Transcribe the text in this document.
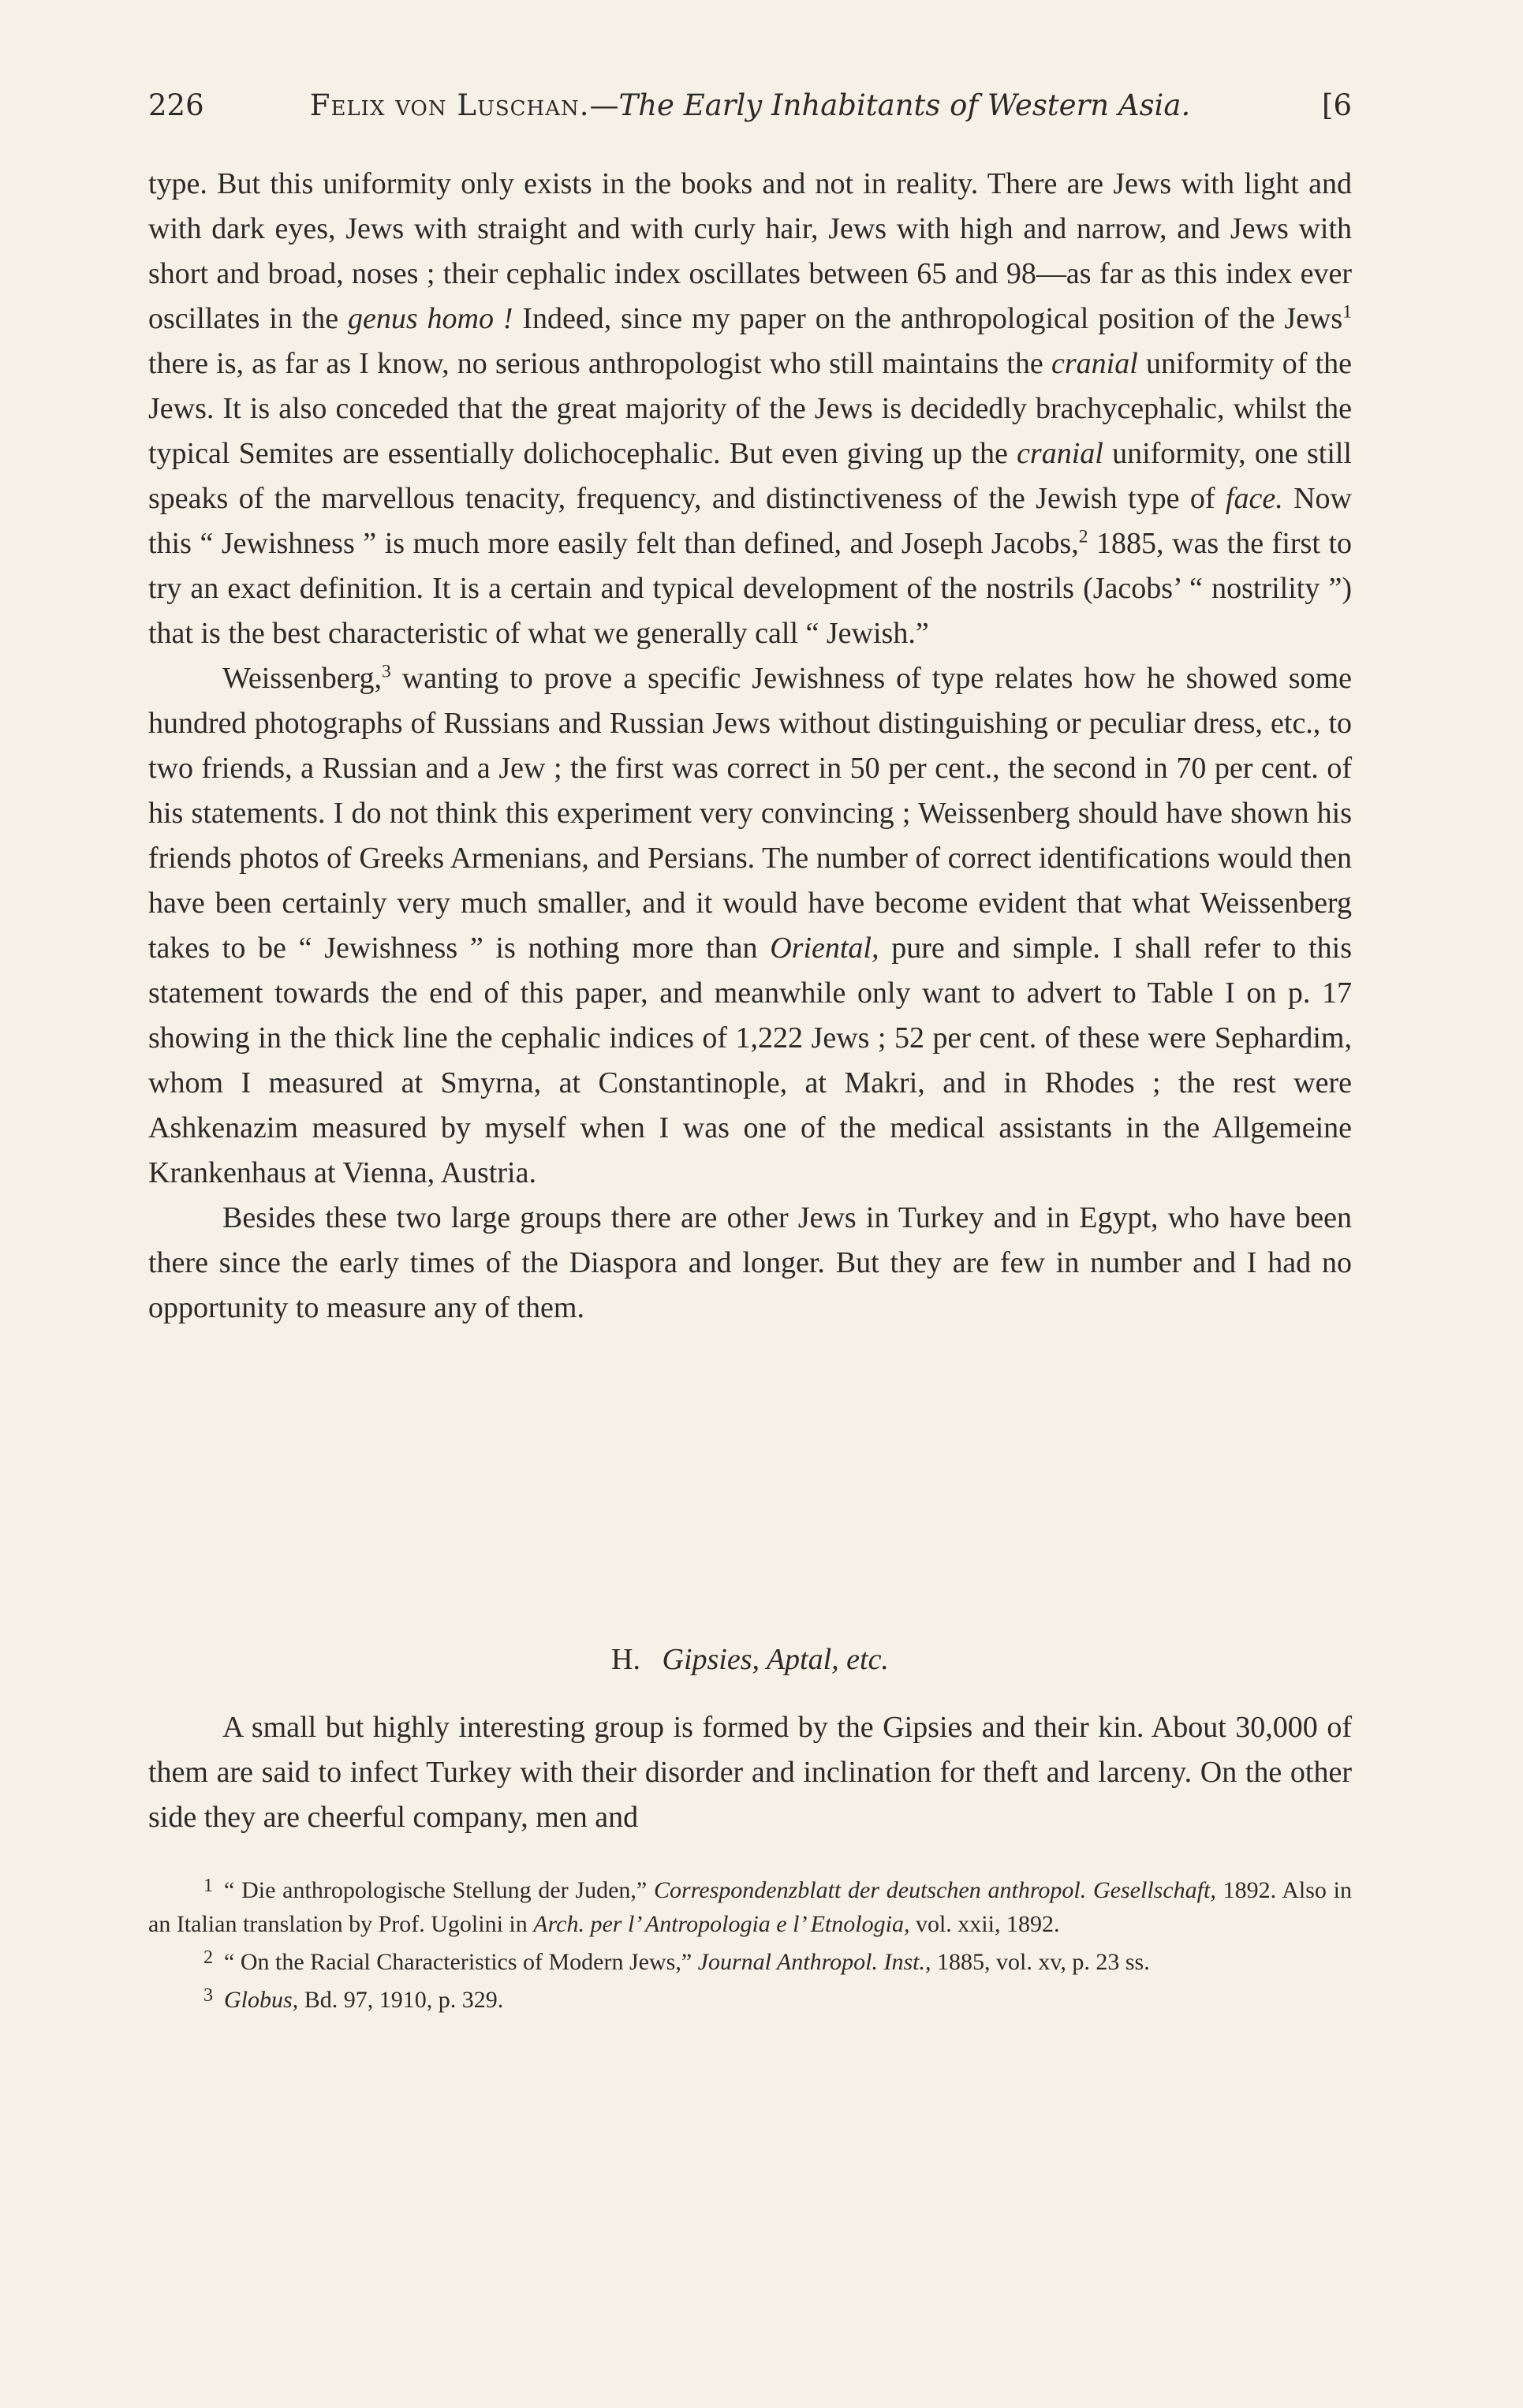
226	Felix von Luschan.—The Early Inhabitants of Western Asia.	[6

type. But this uniformity only exists in the books and not in reality. There are Jews with light and with dark eyes, Jews with straight and with curly hair, Jews with high and narrow, and Jews with short and broad, noses ; their cephalic index oscillates between 65 and 98—as far as this index ever oscillates in the genus homo ! Indeed, since my paper on the anthropological position of the Jews$^1$ there is, as far as I know, no serious anthropologist who still maintains the cranial uniformity of the Jews. It is also conceded that the great majority of the Jews is decidedly brachycephalic, whilst the typical Semites are essentially dolichocephalic. But even giving up the cranial uniformity, one still speaks of the marvellous tenacity, frequency, and distinctiveness of the Jewish type of face. Now this “ Jewishness ” is much more easily felt than defined, and Joseph Jacobs,$^2$ 1885, was the first to try an exact definition. It is a certain and typical development of the nostrils (Jacobs’ “ nostrility ”) that is the best characteristic of what we generally call “ Jewish.”

Weissenberg,$^3$ wanting to prove a specific Jewishness of type relates how he showed some hundred photographs of Russians and Russian Jews without distinguishing or peculiar dress, etc., to two friends, a Russian and a Jew ; the first was correct in 50 per cent., the second in 70 per cent. of his statements. I do not think this experiment very convincing ; Weissenberg should have shown his friends photos of Greeks Armenians, and Persians. The number of correct identifications would then have been certainly very much smaller, and it would have become evident that what Weissenberg takes to be “ Jewishness ” is nothing more than Oriental, pure and simple. I shall refer to this statement towards the end of this paper, and meanwhile only want to advert to Table I on p. 17 showing in the thick line the cephalic indices of 1,222 Jews ; 52 per cent. of these were Sephardim, whom I measured at Smyrna, at Constantinople, at Makri, and in Rhodes ; the rest were Ashkenazim measured by myself when I was one of the medical assistants in the Allgemeine Krankenhaus at Vienna, Austria.

Besides these two large groups there are other Jews in Turkey and in Egypt, who have been there since the early times of the Diaspora and longer. But they are few in number and I had no opportunity to measure any of them.

H. Gipsies, Aptal, etc.

A small but highly interesting group is formed by the Gipsies and their kin. About 30,000 of them are said to infect Turkey with their disorder and inclination for theft and larceny. On the other side they are cheerful company, men and

1 “ Die anthropologische Stellung der Juden,” Correspondenzblatt der deutschen anthropol. Gesellschaft, 1892. Also in an Italian translation by Prof. Ugolini in Arch. per l’ Antropologia e l’ Etnologia, vol. xxii, 1892.

2 “ On the Racial Characteristics of Modern Jews,” Journal Anthropol. Inst., 1885, vol. xv, p. 23 ss.

3 Globus, Bd. 97, 1910, p. 329.
